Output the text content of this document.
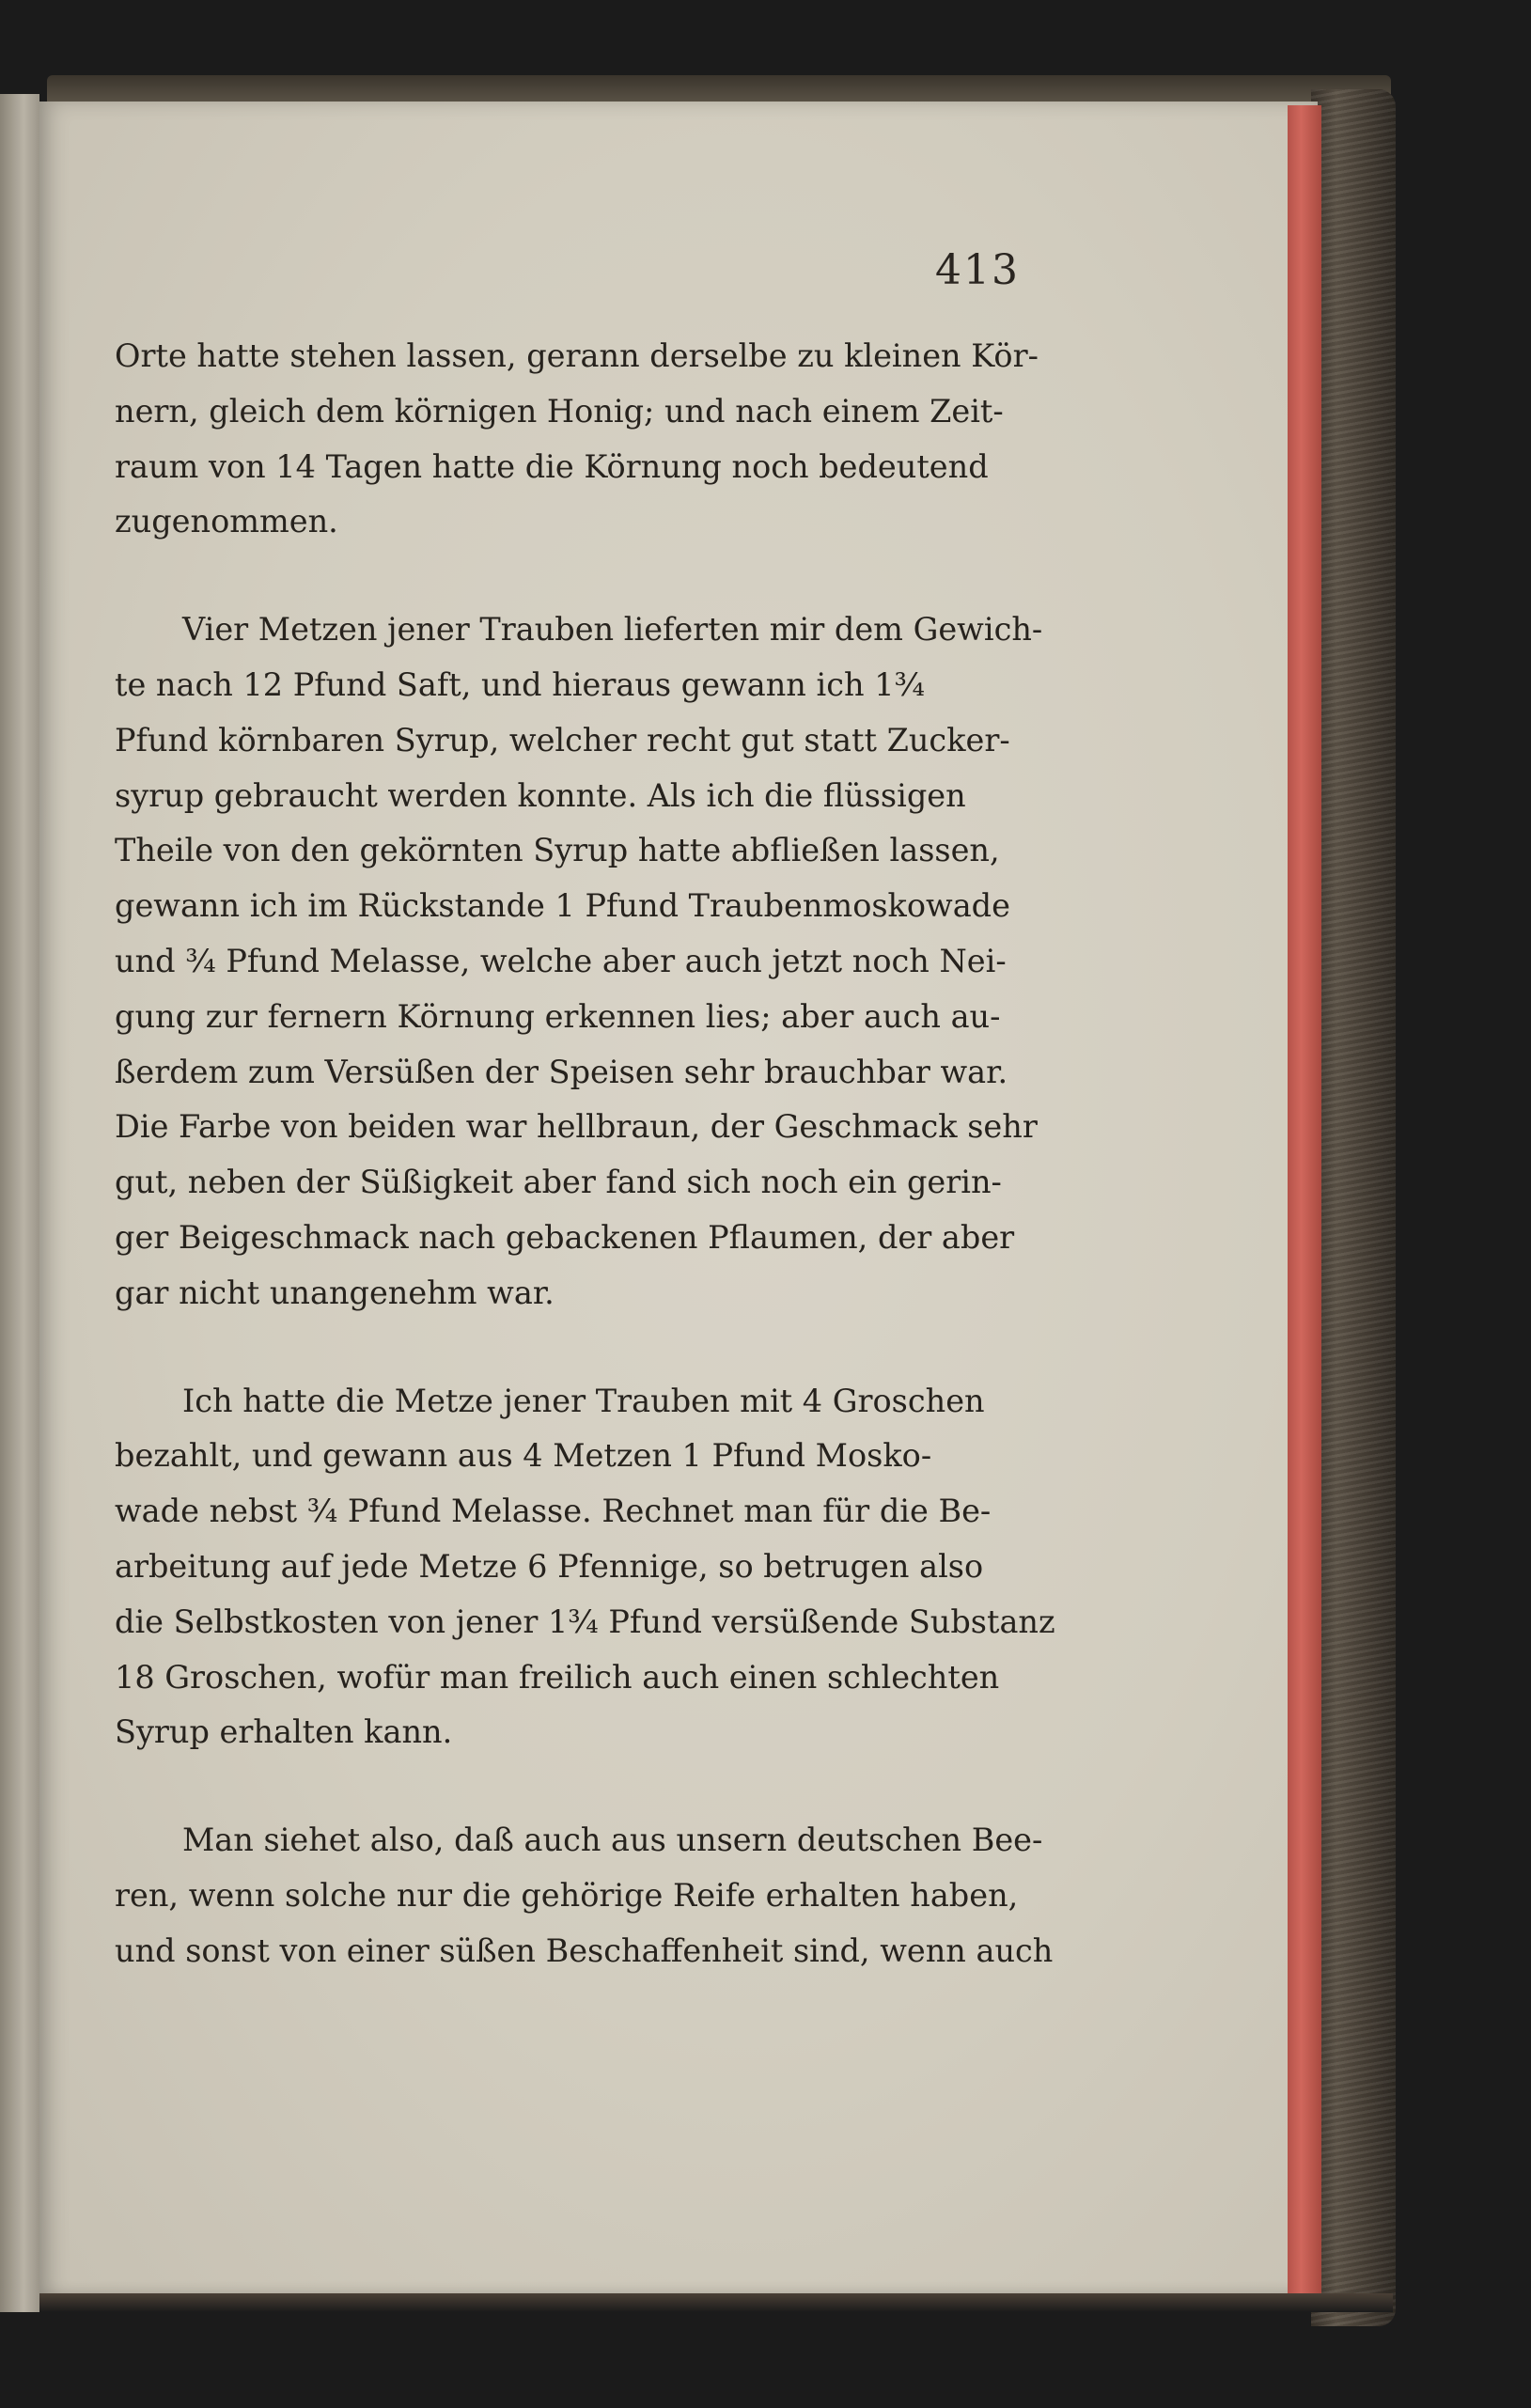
413
Orte hatte stehen lassen, gerann derselbe zu kleinen Kör-
nern, gleich dem körnigen Honig; und nach einem Zeit-
raum von 14 Tagen hatte die Körnung noch bedeutend
zugenommen.
Vier Metzen jener Trauben lieferten mir dem Gewich-
te nach 12 Pfund Saft, und hieraus gewann ich 1¾
Pfund körnbaren Syrup, welcher recht gut statt Zucker-
syrup gebraucht werden konnte. Als ich die flüssigen
Theile von den gekörnten Syrup hatte abfließen lassen,
gewann ich im Rückstande 1 Pfund Traubenmoskowade
und ¾ Pfund Melasse, welche aber auch jetzt noch Nei-
gung zur fernern Körnung erkennen lies; aber auch au-
ßerdem zum Versüßen der Speisen sehr brauchbar war.
Die Farbe von beiden war hellbraun, der Geschmack sehr
gut, neben der Süßigkeit aber fand sich noch ein gerin-
ger Beigeschmack nach gebackenen Pflaumen, der aber
gar nicht unangenehm war.
Ich hatte die Metze jener Trauben mit 4 Groschen
bezahlt, und gewann aus 4 Metzen 1 Pfund Mosko-
wade nebst ¾ Pfund Melasse. Rechnet man für die Be-
arbeitung auf jede Metze 6 Pfennige, so betrugen also
die Selbstkosten von jener 1¾ Pfund versüßende Substanz
18 Groschen, wofür man freilich auch einen schlechten
Syrup erhalten kann.
Man siehet also, daß auch aus unsern deutschen Bee-
ren, wenn solche nur die gehörige Reife erhalten haben,
und sonst von einer süßen Beschaffenheit sind, wenn auch
